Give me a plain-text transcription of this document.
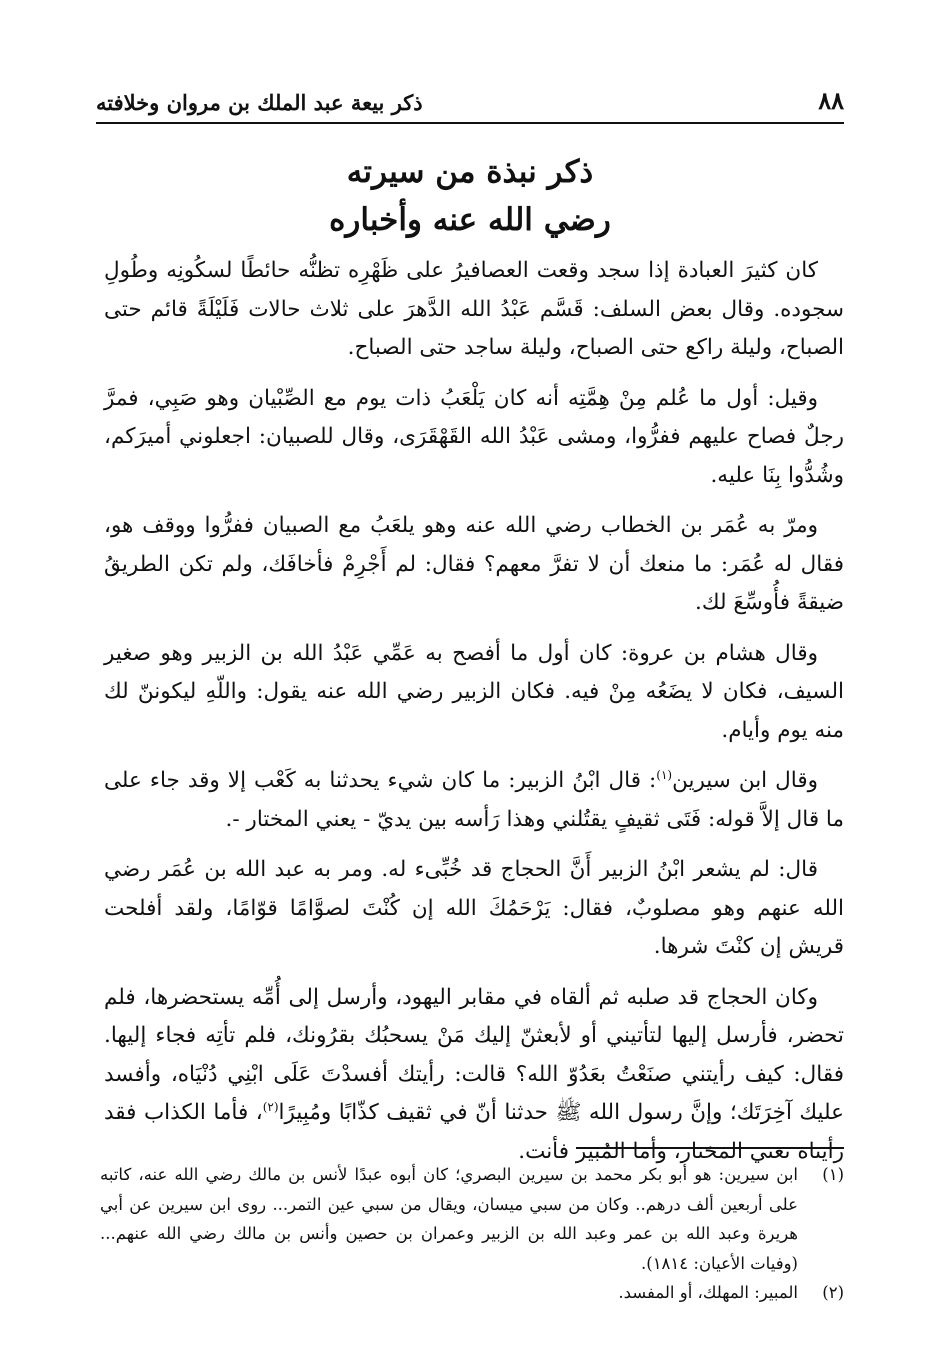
٨٨
ذكر بيعة عبد الملك بن مروان وخلافته
ذكر نبذة من سيرته
رضي الله عنه وأخباره

كان كثيرَ العبادة إذا سجد وقعت العصافيرُ على ظَهْرِه تظنُّه حائطًا لسكُونِه وطُولِ سجوده. وقال بعض السلف: قَسَّم عَبْدُ الله الدَّهرَ على ثلاث حالات فَلَيْلَةً قائم حتى الصباح، وليلة راكع حتى الصباح، وليلة ساجد حتى الصباح.

وقيل: أول ما عُلم مِنْ هِمَّتِه أنه كان يَلْعَبُ ذات يوم مع الصِّبْيان وهو صَبِي، فمرَّ رجلٌ فصاح عليهم ففرُّوا، ومشى عَبْدُ الله القَهْقَرَى، وقال للصبيان: اجعلوني أميرَكم، وشُدُّوا بِنَا عليه.

ومرّ به عُمَر بن الخطاب رضي الله عنه وهو يلعَبُ مع الصبيان ففرُّوا ووقف هو، فقال له عُمَر: ما منعك أن لا تفرَّ معهم؟ فقال: لم أَجْرِمْ فأخافَك، ولم تكن الطريقُ ضيقةً فأُوسِّعَ لك.

وقال هشام بن عروة: كان أول ما أفصح به عَمِّي عَبْدُ الله بن الزبير وهو صغير السيف، فكان لا يضَعُه مِنْ فيه. فكان الزبير رضي الله عنه يقول: واللّهِ ليكوننّ لك منه يوم وأيام.

وقال ابن سيرين$^{(١)}$: قال ابْنُ الزبير: ما كان شيء يحدثنا به كَعْب إلا وقد جاء على ما قال إلاَّ قوله: فَتَى ثقيفٍ يقتُلني وهذا رَأسه بين يديّ - يعني المختار -.

قال: لم يشعر ابْنُ الزبير أَنَّ الحجاج قد خُبِّىء له. ومر به عبد الله بن عُمَر رضي الله عنهم وهو مصلوبٌ، فقال: يَرْحَمُكَ الله إن كُنْتَ لصوَّامًا قوّامًا، ولقد أفلحت قريش إن كنْتَ شرها.

وكان الحجاج قد صلبه ثم ألقاه في مقابر اليهود، وأرسل إلى أُمِّه يستحضرها، فلم تحضر، فأرسل إليها لتأتيني أو لأبعثنّ إليك مَنْ يسحبُك بقرُونك، فلم تأتِه فجاء إليها. فقال: كيف رأيتني صنَعْتُ بعَدُوّ الله؟ قالت: رأيتك أفسدْتَ عَلَى ابْنِي دُنْيَاه، وأفسد عليك آخِرَتَك؛ وإنَّ رسول الله ﷺ حدثنا أنّ في ثقيف كذّابًا ومُبِيرًا$^{(٢)}$، فأما الكذاب فقد رأيناه تعني المختار، وأما المُبير فأنت.

(١)
ابن سيرين: هو أبو بكر محمد بن سيرين البصري؛ كان أبوه عبدًا لأنس بن مالك رضي الله عنه، كاتبه على أربعين ألف درهم.. وكان من سبي ميسان، ويقال من سبي عين التمر... روى ابن سيرين عن أبي هريرة وعبد الله بن عمر وعبد الله بن الزبير وعمران بن حصين وأنس بن مالك رضي الله عنهم... (وفيات الأعيان: ١٨١٤).
(٢)
المبير: المهلك، أو المفسد.
